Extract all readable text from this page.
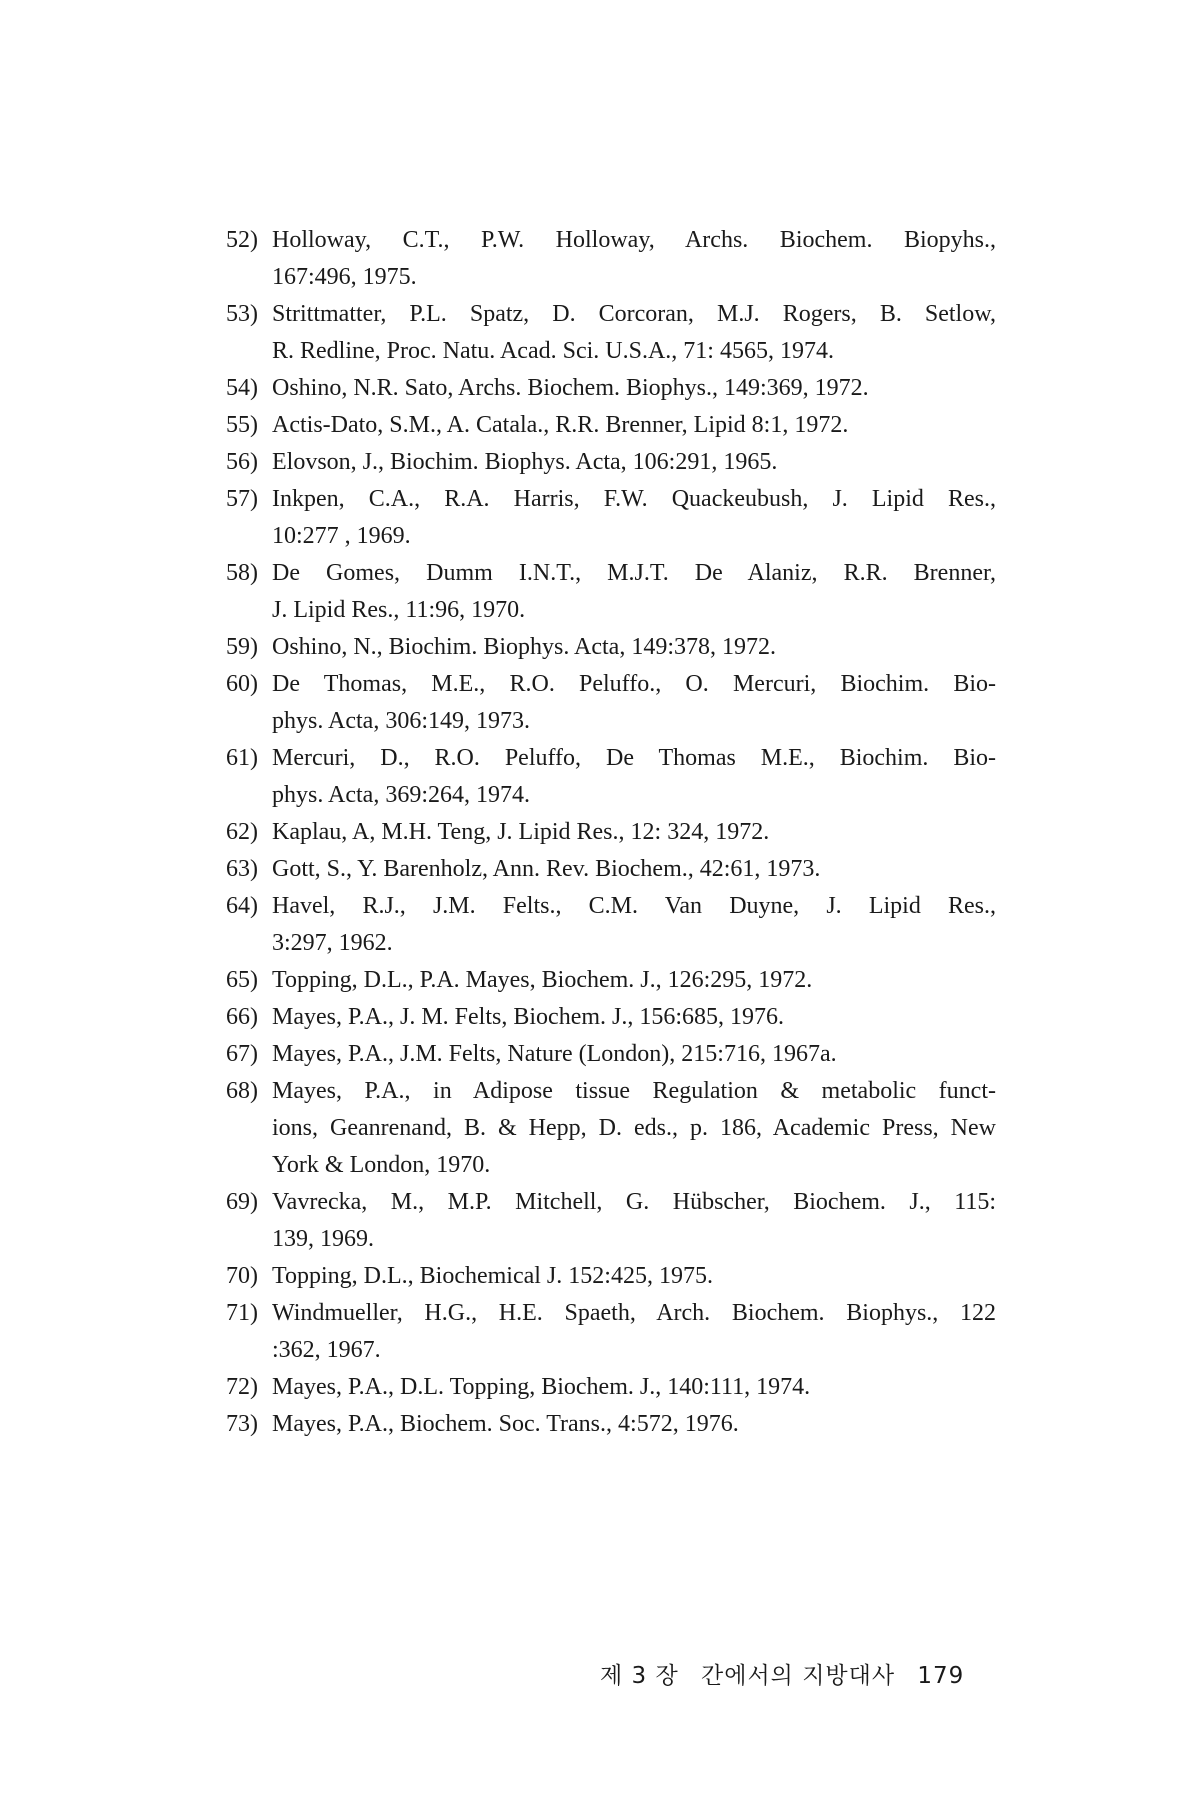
52) Holloway, C.T., P.W. Holloway, Archs. Biochem. Biopyhs.,
167:496, 1975.
53) Strittmatter, P.L. Spatz, D. Corcoran, M.J. Rogers, B. Setlow,
R. Redline, Proc. Natu. Acad. Sci. U.S.A., 71: 4565, 1974.
54) Oshino, N.R. Sato, Archs. Biochem. Biophys., 149:369, 1972.
55) Actis-Dato, S.M., A. Catala., R.R. Brenner, Lipid 8:1, 1972.
56) Elovson, J., Biochim. Biophys. Acta, 106:291, 1965.
57) Inkpen, C.A., R.A. Harris, F.W. Quackeubush, J. Lipid Res.,
10:277 , 1969.
58) De Gomes, Dumm I.N.T., M.J.T. De Alaniz, R.R. Brenner,
J. Lipid Res., 11:96, 1970.
59) Oshino, N., Biochim. Biophys. Acta, 149:378, 1972.
60) De Thomas, M.E., R.O. Peluffo., O. Mercuri, Biochim. Bio-
phys. Acta, 306:149, 1973.
61) Mercuri, D., R.O. Peluffo, De Thomas M.E., Biochim. Bio-
phys. Acta, 369:264, 1974.
62) Kaplau, A, M.H. Teng, J. Lipid Res., 12: 324, 1972.
63) Gott, S., Y. Barenholz, Ann. Rev. Biochem., 42:61, 1973.
64) Havel, R.J., J.M. Felts., C.M. Van Duyne, J. Lipid Res.,
3:297, 1962.
65) Topping, D.L., P.A. Mayes, Biochem. J., 126:295, 1972.
66) Mayes, P.A., J. M. Felts, Biochem. J., 156:685, 1976.
67) Mayes, P.A., J.M. Felts, Nature (London), 215:716, 1967a.
68) Mayes, P.A., in Adipose tissue Regulation & metabolic funct-
ions, Geanrenand, B. & Hepp, D. eds., p. 186, Academic Press, New
York & London, 1970.
69) Vavrecka, M., M.P. Mitchell, G. Hübscher, Biochem. J., 115:
139, 1969.
70) Topping, D.L., Biochemical J. 152:425, 1975.
71) Windmueller, H.G., H.E. Spaeth, Arch. Biochem. Biophys., 122
:362, 1967.
72) Mayes, P.A., D.L. Topping, Biochem. J., 140:111, 1974.
73) Mayes, P.A., Biochem. Soc. Trans., 4:572, 1976.
제 3 장 간에서의 지방대사 179
